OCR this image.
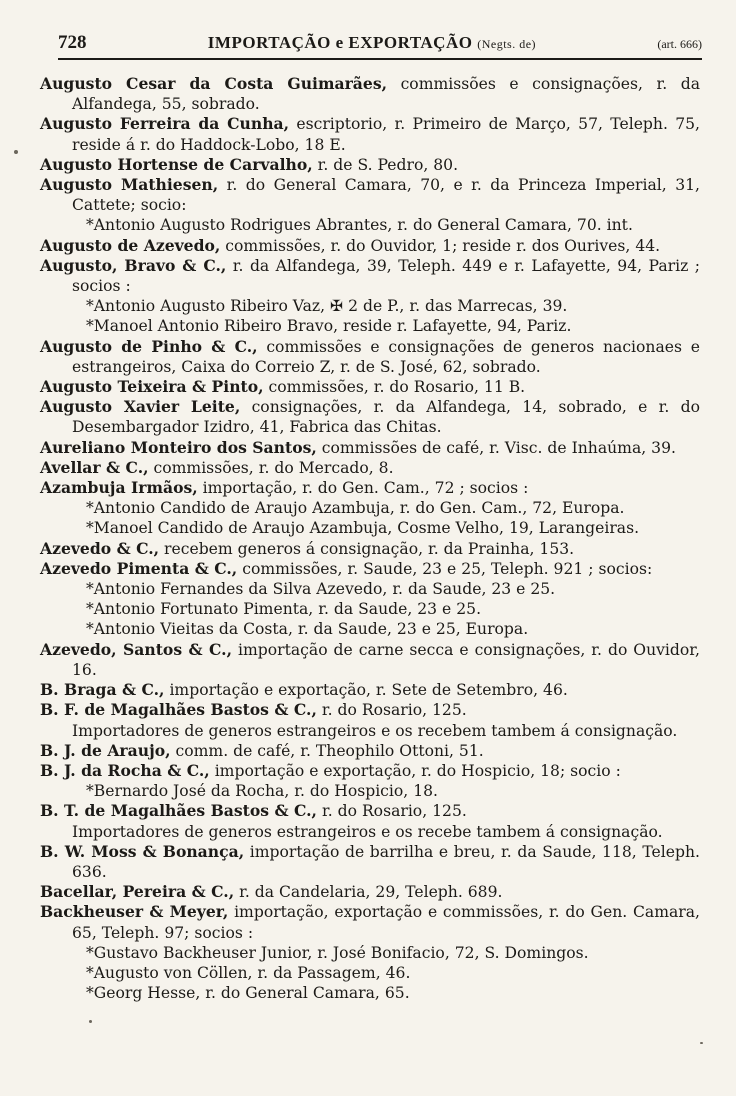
728	IMPORTAÇÃO e EXPORTAÇÃO (Negts. de)	(art. 666)

Augusto Cesar da Costa Guimarães, commissões e consignações, r. da Alfandega, 55, sobrado.

Augusto Ferreira da Cunha, escriptorio, r. Primeiro de Março, 57, Teleph. 75, reside á r. do Haddock-Lobo, 18 E.

Augusto Hortense de Carvalho, r. de S. Pedro, 80.

Augusto Mathiesen, r. do General Camara, 70, e r. da Princeza Imperial, 31, Cattete; socio:

*Antonio Augusto Rodrigues Abrantes, r. do General Camara, 70. int.

Augusto de Azevedo, commissões, r. do Ouvidor, 1; reside r. dos Ourives, 44.

Augusto, Bravo & C., r. da Alfandega, 39, Teleph. 449 e r. Lafayette, 94, Pariz ; socios :

*Antonio Augusto Ribeiro Vaz, ✠ 2 de P., r. das Marrecas, 39.

*Manoel Antonio Ribeiro Bravo, reside r. Lafayette, 94, Pariz.

Augusto de Pinho & C., commissões e consignações de generos nacionaes e estrangeiros, Caixa do Correio Z, r. de S. José, 62, sobrado.

Augusto Teixeira & Pinto, commissões, r. do Rosario, 11 B.

Augusto Xavier Leite, consignações, r. da Alfandega, 14, sobrado, e r. do Desembargador Izidro, 41, Fabrica das Chitas.

Aureliano Monteiro dos Santos, commissões de café, r. Visc. de Inhaúma, 39.

Avellar & C., commissões, r. do Mercado, 8.

Azambuja Irmãos, importação, r. do Gen. Cam., 72 ; socios :

*Antonio Candido de Araujo Azambuja, r. do Gen. Cam., 72, Europa.

*Manoel Candido de Araujo Azambuja, Cosme Velho, 19, Larangeiras.

Azevedo & C., recebem generos á consignação, r. da Prainha, 153.

Azevedo Pimenta & C., commissões, r. Saude, 23 e 25, Teleph. 921 ; socios:

*Antonio Fernandes da Silva Azevedo, r. da Saude, 23 e 25.

*Antonio Fortunato Pimenta, r. da Saude, 23 e 25.

*Antonio Vieitas da Costa, r. da Saude, 23 e 25, Europa.

Azevedo, Santos & C., importação de carne secca e consignações, r. do Ouvidor, 16.

B. Braga & C., importação e exportação, r. Sete de Setembro, 46.

B. F. de Magalhães Bastos & C., r. do Rosario, 125.

Importadores de generos estrangeiros e os recebem tambem á consignação.

B. J. de Araujo, comm. de café, r. Theophilo Ottoni, 51.

B. J. da Rocha & C., importação e exportação, r. do Hospicio, 18; socio :

*Bernardo José da Rocha, r. do Hospicio, 18.

B. T. de Magalhães Bastos & C., r. do Rosario, 125.

Importadores de generos estrangeiros e os recebe tambem á consignação.

B. W. Moss & Bonança, importação de barrilha e breu, r. da Saude, 118, Teleph. 636.

Bacellar, Pereira & C., r. da Candelaria, 29, Teleph. 689.

Backheuser & Meyer, importação, exportação e commissões, r. do Gen. Camara, 65, Teleph. 97; socios :

*Gustavo Backheuser Junior, r. José Bonifacio, 72, S. Domingos.

*Augusto von Cöllen, r. da Passagem, 46.

*Georg Hesse, r. do General Camara, 65.
